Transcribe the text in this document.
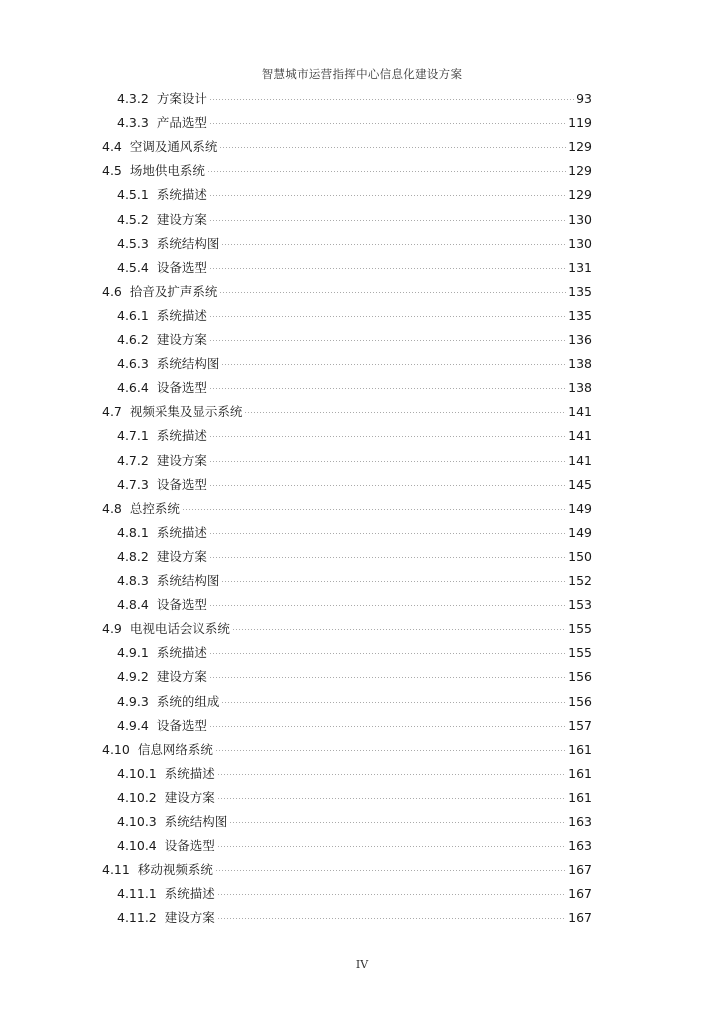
智慧城市运营指挥中心信息化建设方案
4.3.2 方案设计	93
4.3.3 产品选型	119
4.4 空调及通风系统	129
4.5 场地供电系统	129
4.5.1 系统描述	129
4.5.2 建设方案	130
4.5.3 系统结构图	130
4.5.4 设备选型	131
4.6 拾音及扩声系统	135
4.6.1 系统描述	135
4.6.2 建设方案	136
4.6.3 系统结构图	138
4.6.4 设备选型	138
4.7 视频采集及显示系统	141
4.7.1 系统描述	141
4.7.2 建设方案	141
4.7.3 设备选型	145
4.8 总控系统	149
4.8.1 系统描述	149
4.8.2 建设方案	150
4.8.3 系统结构图	152
4.8.4 设备选型	153
4.9 电视电话会议系统	155
4.9.1 系统描述	155
4.9.2 建设方案	156
4.9.3 系统的组成	156
4.9.4 设备选型	157
4.10 信息网络系统	161
4.10.1 系统描述	161
4.10.2 建设方案	161
4.10.3 系统结构图	163
4.10.4 设备选型	163
4.11 移动视频系统	167
4.11.1 系统描述	167
4.11.2 建设方案	167
IV
